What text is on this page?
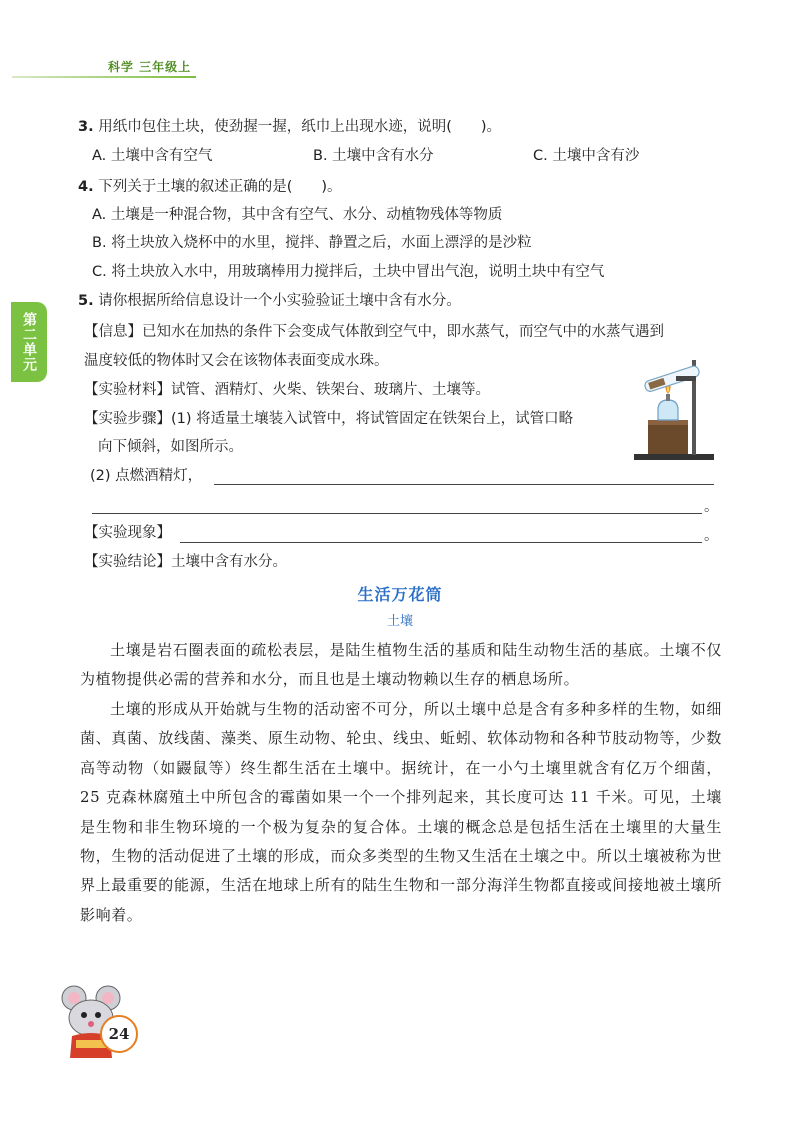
科学 三年级上
第二单元
3. 用纸巾包住土块，使劲握一握，纸巾上出现水迹，说明(　　)。
A. 土壤中含有空气	B. 土壤中含有水分	C. 土壤中含有沙
4. 下列关于土壤的叙述正确的是(　　)。
A. 土壤是一种混合物，其中含有空气、水分、动植物残体等物质
B. 将土块放入烧杯中的水里，搅拌、静置之后，水面上漂浮的是沙粒
C. 将土块放入水中，用玻璃棒用力搅拌后，土块中冒出气泡，说明土块中有空气
5. 请你根据所给信息设计一个小实验验证土壤中含有水分。
【信息】已知水在加热的条件下会变成气体散到空气中，即水蒸气，而空气中的水蒸气遇到
温度较低的物体时又会在该物体表面变成水珠。
【实验材料】试管、酒精灯、火柴、铁架台、玻璃片、土壤等。
【实验步骤】(1) 将适量土壤装入试管中，将试管固定在铁架台上，试管口略
向下倾斜，如图所示。
(2) 点燃酒精灯，
。
【实验现象】	。
【实验结论】土壤中含有水分。
生活万花筒
土壤
土壤是岩石圈表面的疏松表层，是陆生植物生活的基质和陆生动物生活的基底。土壤不仅为植物提供必需的营养和水分，而且也是土壤动物赖以生存的栖息场所。
土壤的形成从开始就与生物的活动密不可分，所以土壤中总是含有多种多样的生物，如细菌、真菌、放线菌、藻类、原生动物、轮虫、线虫、蚯蚓、软体动物和各种节肢动物等，少数高等动物（如鼹鼠等）终生都生活在土壤中。据统计，在一小勺土壤里就含有亿万个细菌，25 克森林腐殖土中所包含的霉菌如果一个一个排列起来，其长度可达 11 千米。可见，土壤是生物和非生物环境的一个极为复杂的复合体。土壤的概念总是包括生活在土壤里的大量生物，生物的活动促进了土壤的形成，而众多类型的生物又生活在土壤之中。所以土壤被称为世界上最重要的能源，生活在地球上所有的陆生生物和一部分海洋生物都直接或间接地被土壤所影响着。
24
